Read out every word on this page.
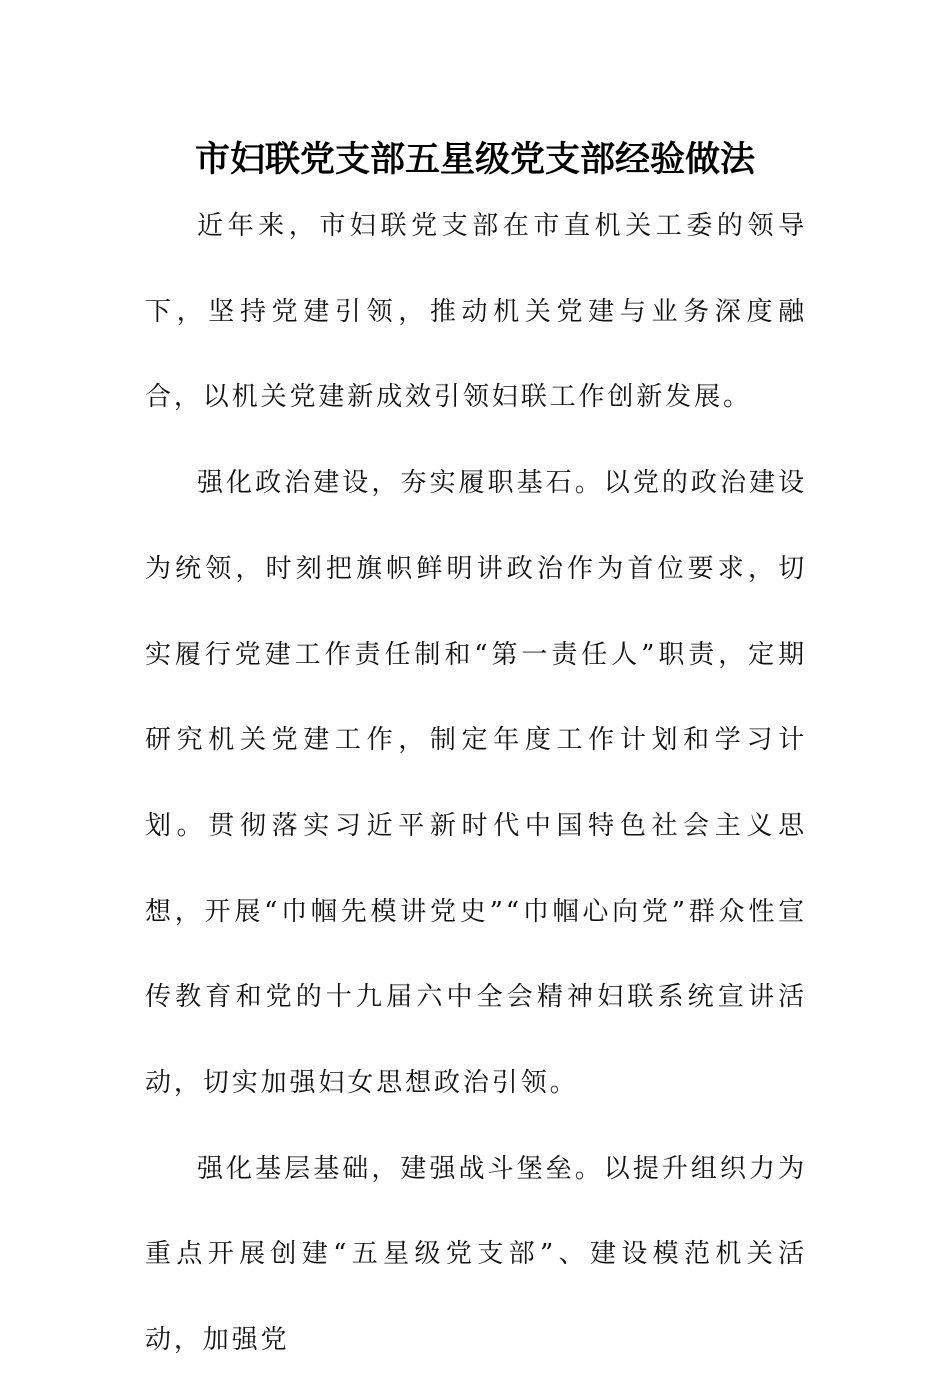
市妇联党支部五星级党支部经验做法

近年来，市妇联党支部在市直机关工委的领导下，坚持党建引领，推动机关党建与业务深度融合，以机关党建新成效引领妇联工作创新发展。

强化政治建设，夯实履职基石。以党的政治建设为统领，时刻把旗帜鲜明讲政治作为首位要求，切实履行党建工作责任制和“第一责任人”职责，定期研究机关党建工作，制定年度工作计划和学习计划。贯彻落实习近平新时代中国特色社会主义思想，开展“巾帼先模讲党史”“巾帼心向党”群众性宣传教育和党的十九届六中全会精神妇联系统宣讲活动，切实加强妇女思想政治引领。

强化基层基础，建强战斗堡垒。以提升组织力为重点开展创建“五星级党支部”、建设模范机关活动，加强党
